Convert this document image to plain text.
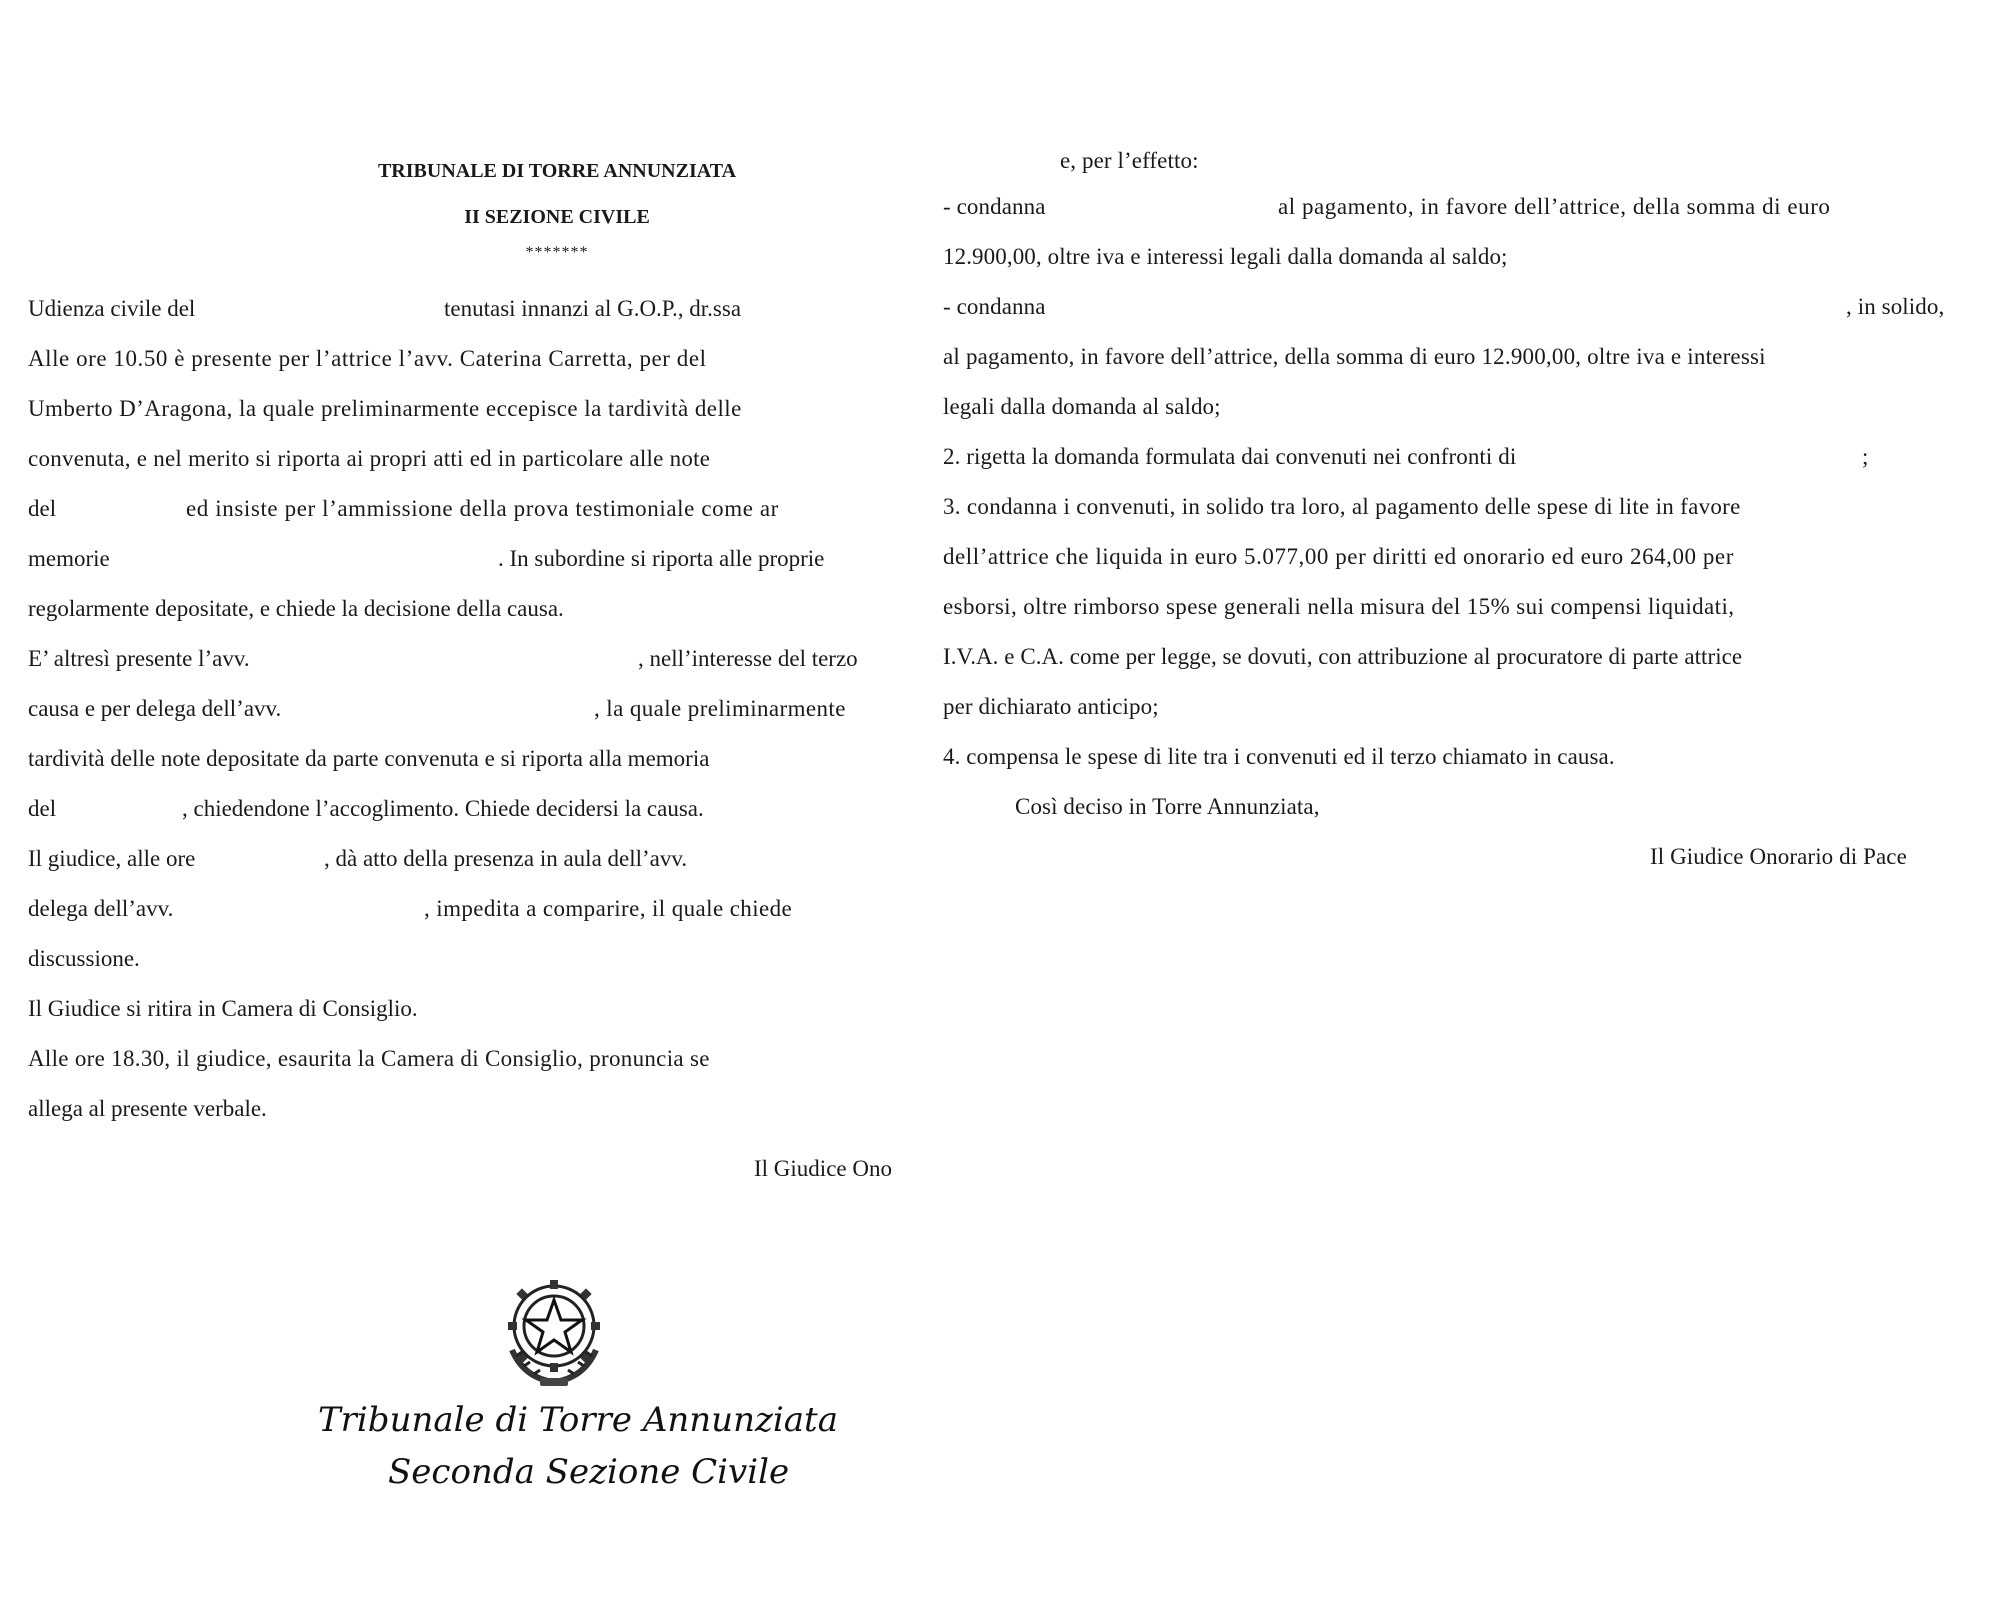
TRIBUNALE DI TORRE ANNUNZIATA
II SEZIONE CIVILE
*******
Udienza civile del	tenutasi innanzi al G.O.P., dr.ssa
Alle ore 10.50 è presente per l’attrice l’avv. Caterina Carretta, per del
Umberto D’Aragona, la quale preliminarmente eccepisce la tardività delle
convenuta, e nel merito si riporta ai propri atti ed in particolare alle note
del	ed insiste per l’ammissione della prova testimoniale come ar
memorie	. In subordine si riporta alle proprie
regolarmente depositate, e chiede la decisione della causa.
E’ altresì presente l’avv.	, nell’interesse del terzo
causa e per delega dell’avv.	, la quale preliminarmente
tardività delle note depositate da parte convenuta e si riporta alla memoria
del	, chiedendone l’accoglimento. Chiede decidersi la causa.
Il giudice, alle ore	, dà atto della presenza in aula dell’avv.
delega dell’avv.	, impedita a comparire, il quale chiede
discussione.
Il Giudice si ritira in Camera di Consiglio.
Alle ore 18.30, il giudice, esaurita la Camera di Consiglio, pronuncia se
allega al presente verbale.
Il Giudice Ono
e, per l’effetto:
- condanna	al pagamento, in favore dell’attrice, della somma di euro
12.900,00, oltre iva e interessi legali dalla domanda al saldo;
- condanna	, in solido,
al pagamento, in favore dell’attrice, della somma di euro 12.900,00, oltre iva e interessi
legali dalla domanda al saldo;
2. rigetta la domanda formulata dai convenuti nei confronti di	;
3. condanna i convenuti, in solido tra loro, al pagamento delle spese di lite in favore
dell’attrice che liquida in euro 5.077,00 per diritti ed onorario ed euro 264,00 per
esborsi, oltre rimborso spese generali nella misura del 15% sui compensi liquidati,
I.V.A. e C.A. come per legge, se dovuti, con attribuzione al procuratore di parte attrice
per dichiarato anticipo;
4. compensa le spese di lite tra i convenuti ed il terzo chiamato in causa.
Così deciso in Torre Annunziata,
Il Giudice Onorario di Pace
Tribunale di Torre Annunziata
Seconda Sezione Civile
